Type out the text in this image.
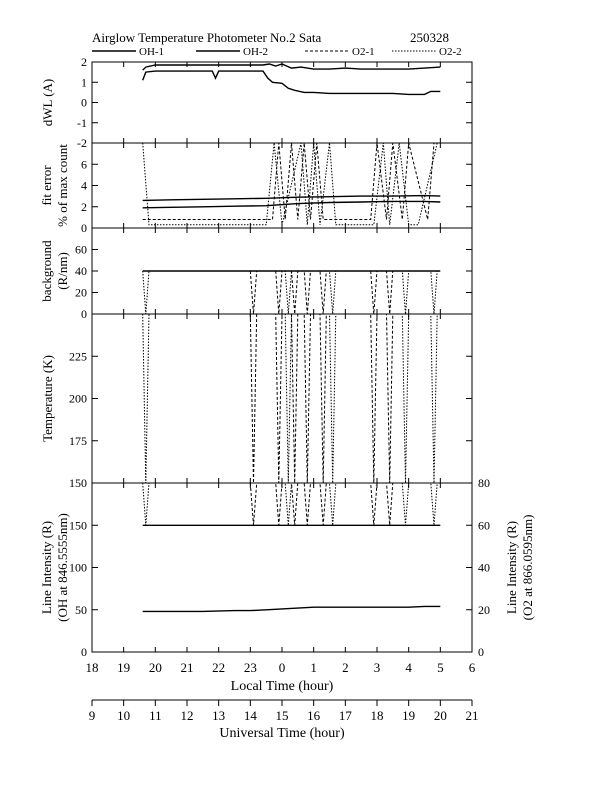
Airglow Temperature Photometer No.2 Sata	250328
OH-1	OH-2	O2-1	O2-2
-2
-1
0
1
2
dWL (A)
0
2
4
6
fit error % of max count
0
20
40
60
background (R/nm)
150
175
200
225
Temperature (K)
0
50
100
150
Line Intensity (R) (OH at 846.5555nm)
0
20
40
60
80
Line Intensity (R) (O2 at 866.0595nm)
18 19 20 21 22 23 0 1 2 3 4 5 6
Local Time (hour)
9 10 11 12 13 14 15 16 17 18 19 20 21
Universal Time (hour)
